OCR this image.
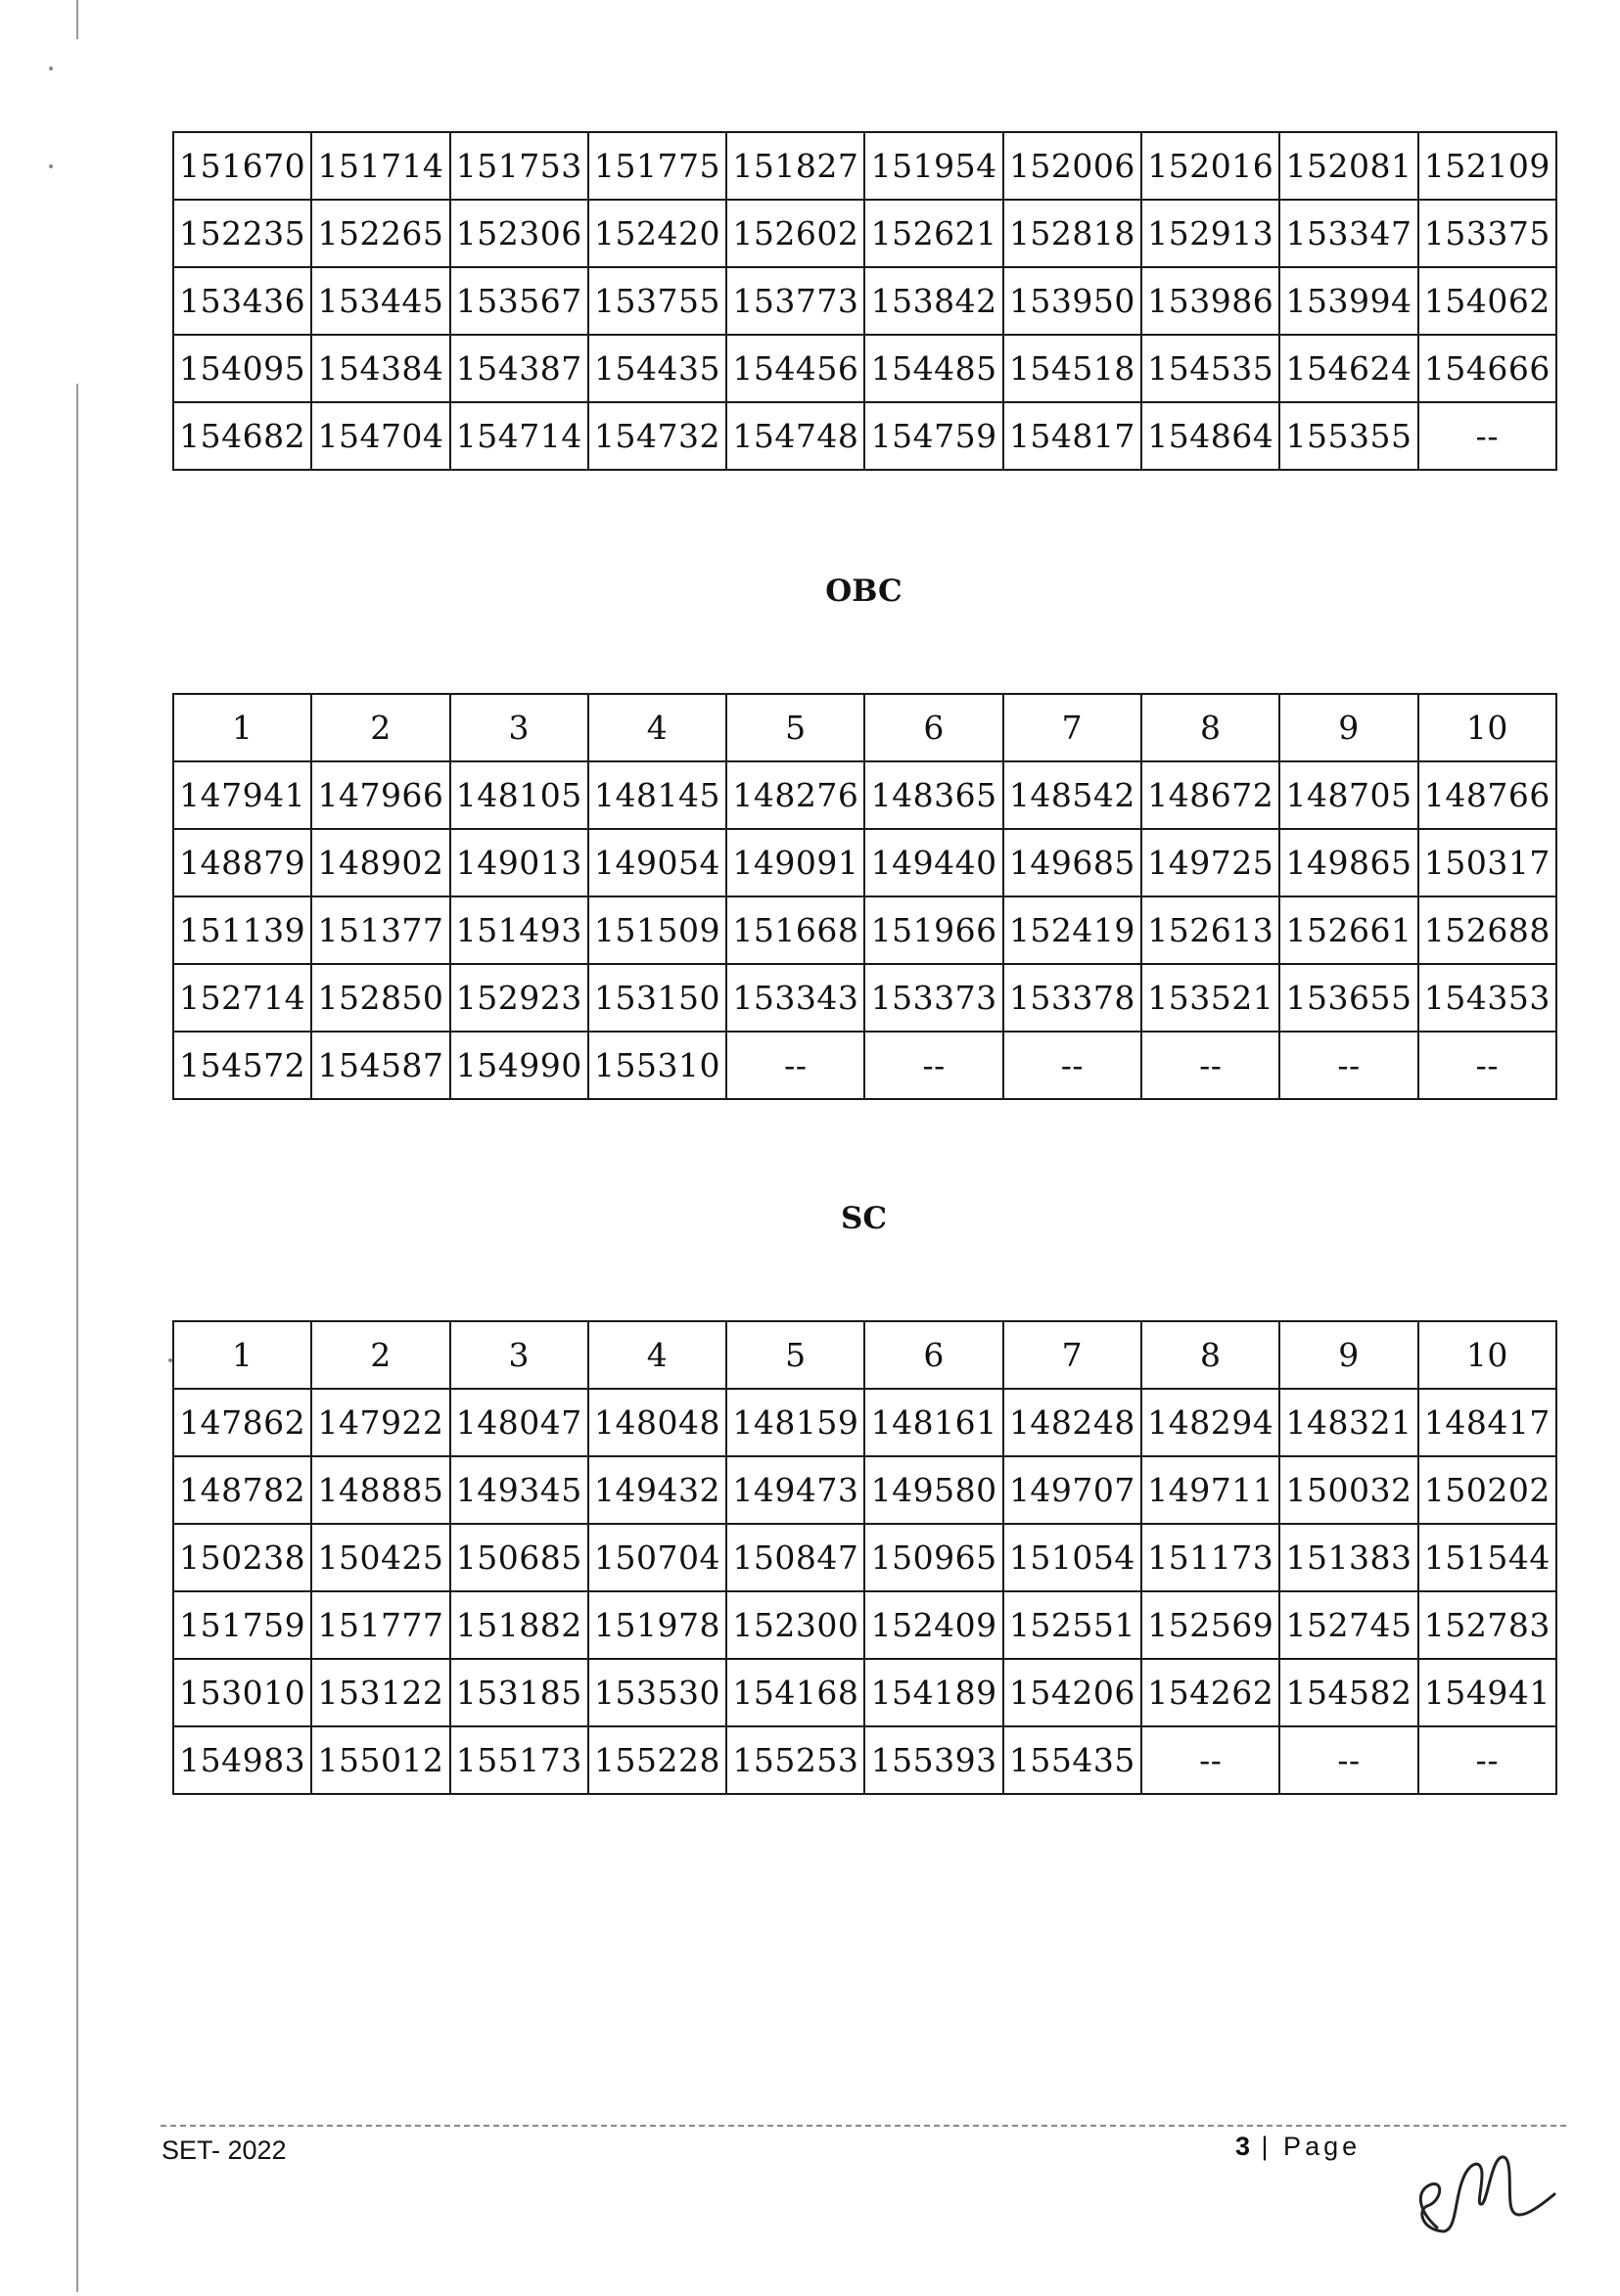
151670	151714	151753	151775	151827	151954	152006	152016	152081	152109
152235	152265	152306	152420	152602	152621	152818	152913	153347	153375
153436	153445	153567	153755	153773	153842	153950	153986	153994	154062
154095	154384	154387	154435	154456	154485	154518	154535	154624	154666
154682	154704	154714	154732	154748	154759	154817	154864	155355	--
OBC
1	2	3	4	5	6	7	8	9	10
147941	147966	148105	148145	148276	148365	148542	148672	148705	148766
148879	148902	149013	149054	149091	149440	149685	149725	149865	150317
151139	151377	151493	151509	151668	151966	152419	152613	152661	152688
152714	152850	152923	153150	153343	153373	153378	153521	153655	154353
154572	154587	154990	155310	--	--	--	--	--	--
SC
1	2	3	4	5	6	7	8	9	10
147862	147922	148047	148048	148159	148161	148248	148294	148321	148417
148782	148885	149345	149432	149473	149580	149707	149711	150032	150202
150238	150425	150685	150704	150847	150965	151054	151173	151383	151544
151759	151777	151882	151978	152300	152409	152551	152569	152745	152783
153010	153122	153185	153530	154168	154189	154206	154262	154582	154941
154983	155012	155173	155228	155253	155393	155435	--	--	--
SET- 2022	3 | Page
